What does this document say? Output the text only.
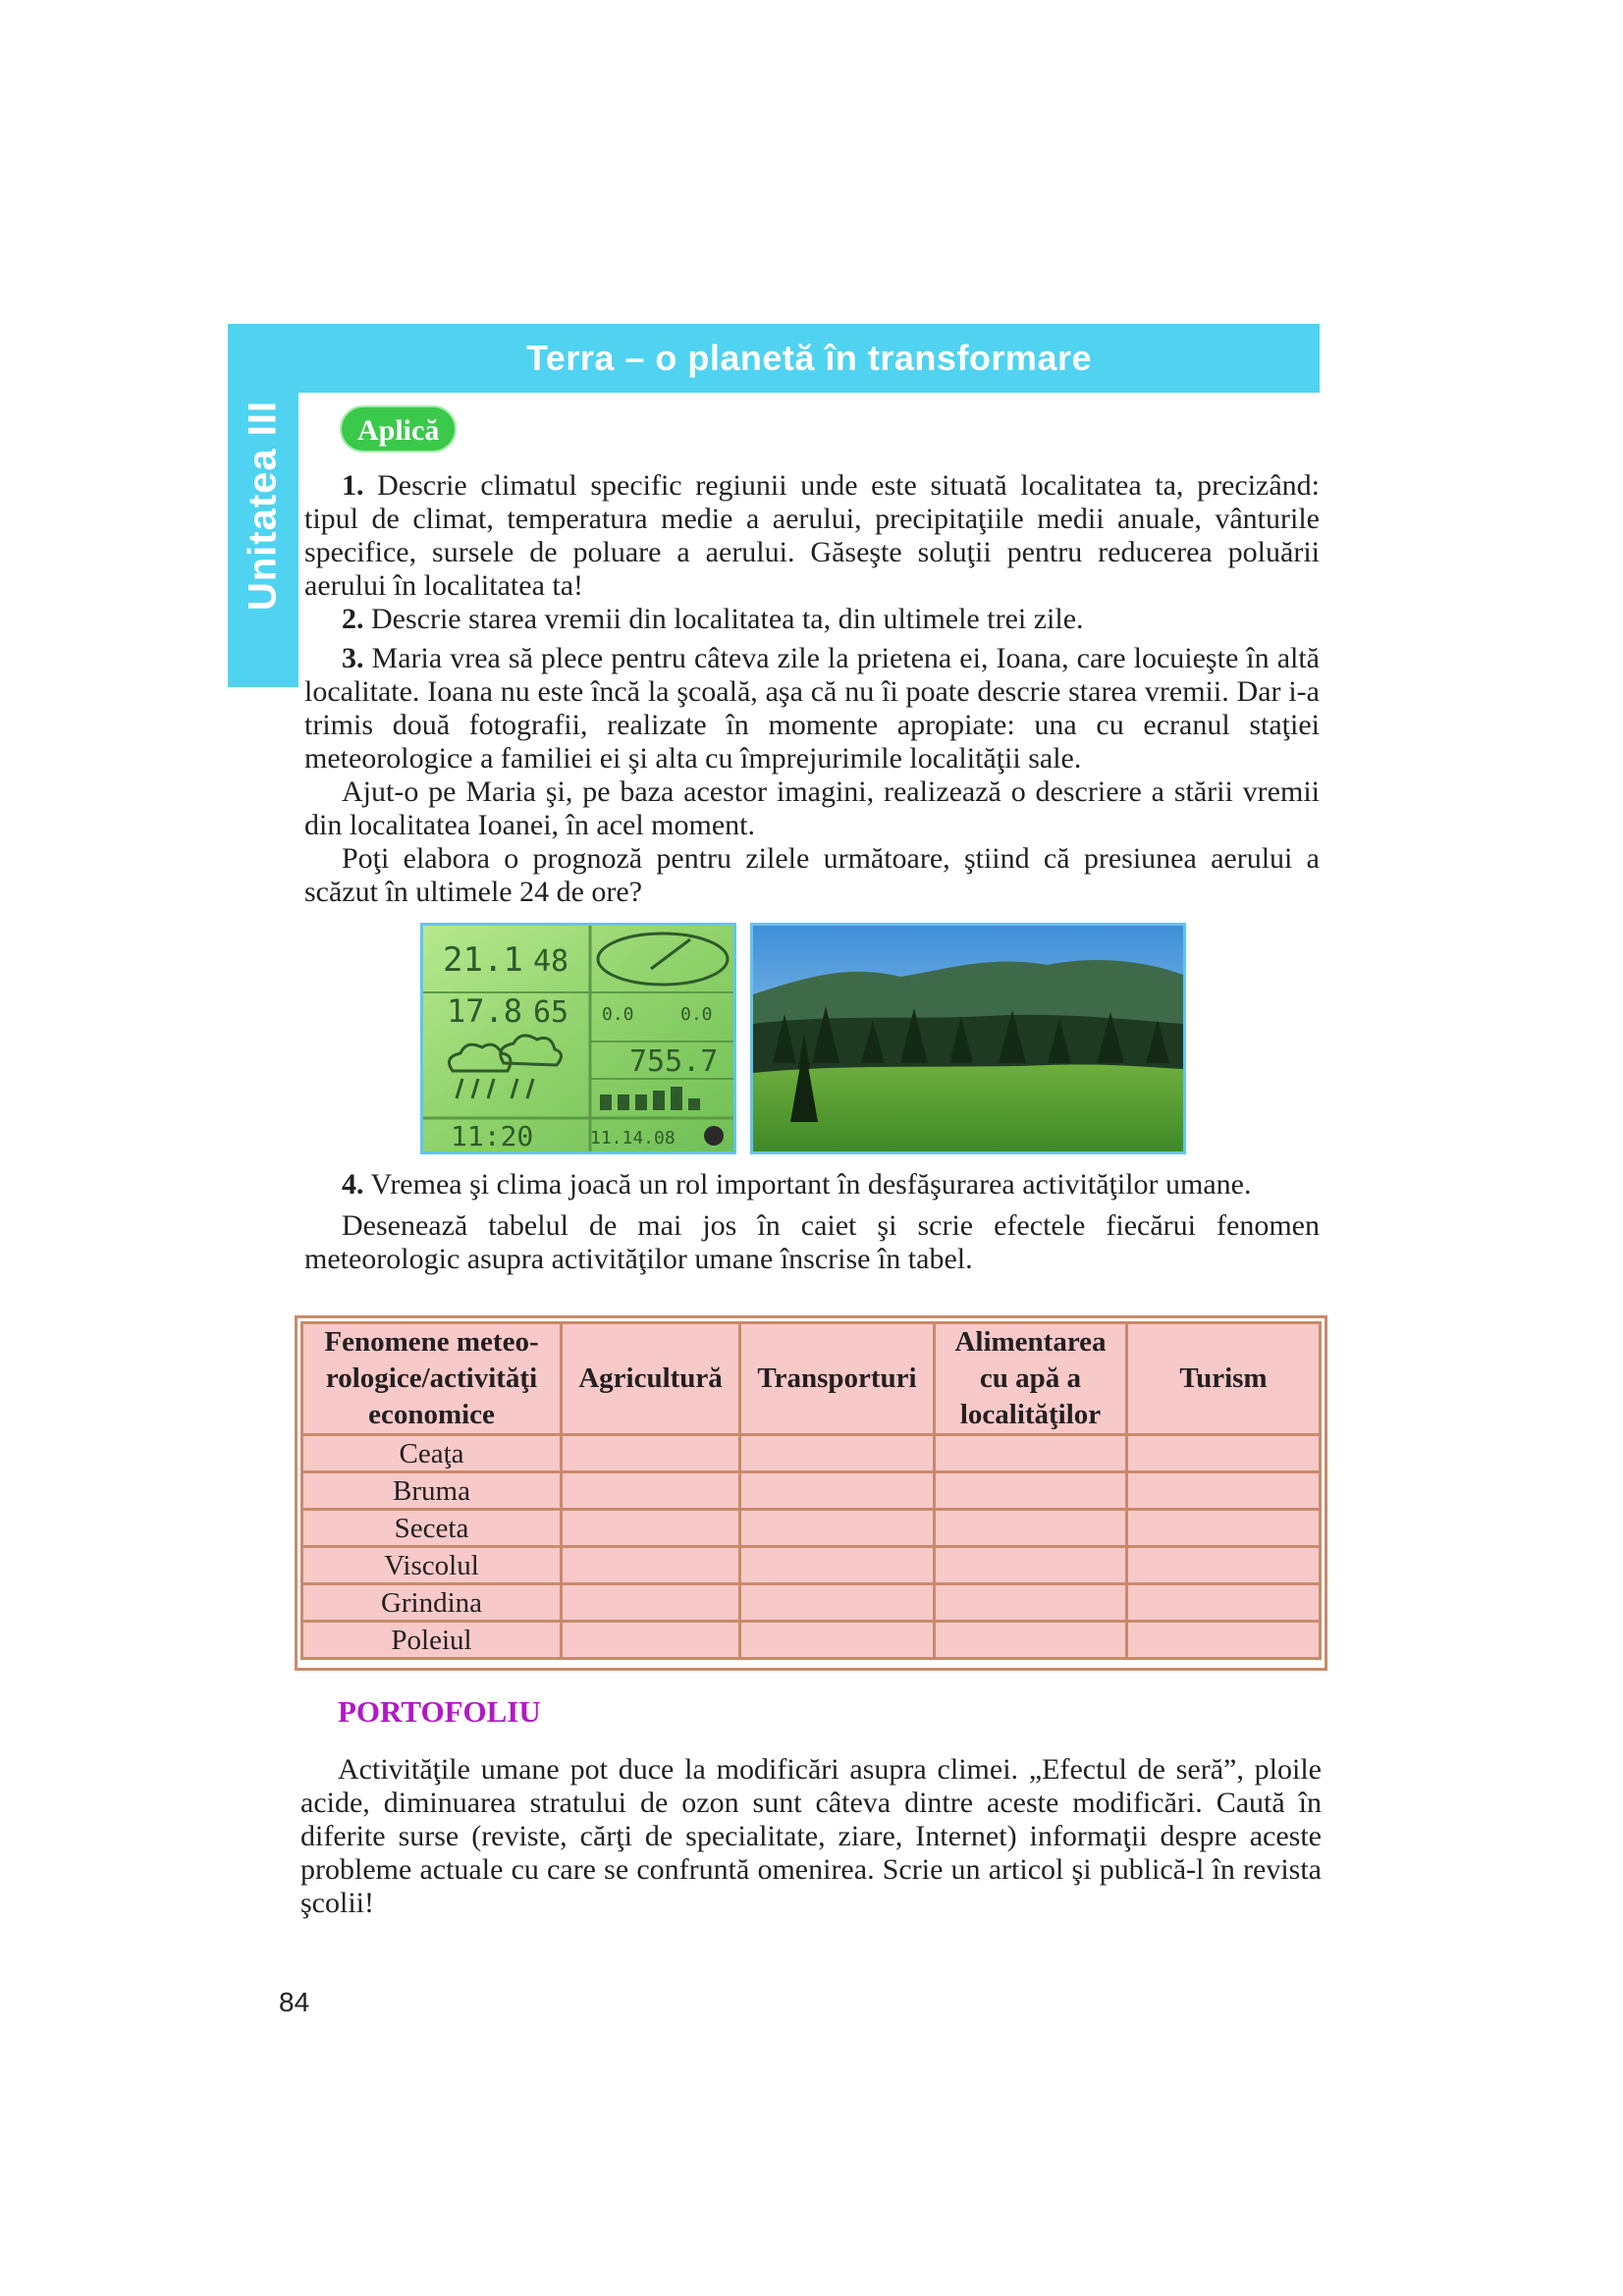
Unitatea III
Terra – o planetă în transformare
Aplică

1. Descrie climatul specific regiunii unde este situată localitatea ta, precizând: tipul de climat, temperatura medie a aerului, precipitaţiile medii anuale, vânturile specifice, sursele de poluare a aerului. Găseşte soluţii pentru reducerea poluării aerului în localitatea ta!

2. Descrie starea vremii din localitatea ta, din ultimele trei zile.

3. Maria vrea să plece pentru câteva zile la prietena ei, Ioana, care locuieşte în altă localitate. Ioana nu este încă la şcoală, aşa că nu îi poate descrie starea vremii. Dar i-a trimis două fotografii, realizate în momente apropiate: una cu ecranul staţiei meteorologice a familiei ei şi alta cu împrejurimile localităţii sale.

Ajut-o pe Maria şi, pe baza acestor imagini, realizează o descriere a stării vremii din localitatea Ioanei, în acel moment.

Poţi elabora o prognoză pentru zilele următoare, ştiind că presiunea aerului a scăzut în ultimele 24 de ore?

21.1 48
17.8 65 0.0	0.0
755.7
11:20	11.14.08

4. Vremea şi clima joacă un rol important în desfăşurarea activităţilor umane.

Desenează tabelul de mai jos în caiet şi scrie efectele fiecărui fenomen meteorologic asupra activităţilor umane înscrise în tabel.

Fenomene meteo-rologice/activităţi economice	Agricultură	Transporturi	Alimentarea cu apă a localităţilor	Turism
Ceaţa				
Bruma				
Seceta				
Viscolul				
Grindina				
Poleiul				
PORTOFOLIU

Activităţile umane pot duce la modificări asupra climei. „Efectul de seră”, ploile acide, diminuarea stratului de ozon sunt câteva dintre aceste modificări. Caută în diferite surse (reviste, cărţi de specialitate, ziare, Internet) informaţii despre aceste probleme actuale cu care se confruntă omenirea. Scrie un articol şi publică-l în revista şcolii!

84
